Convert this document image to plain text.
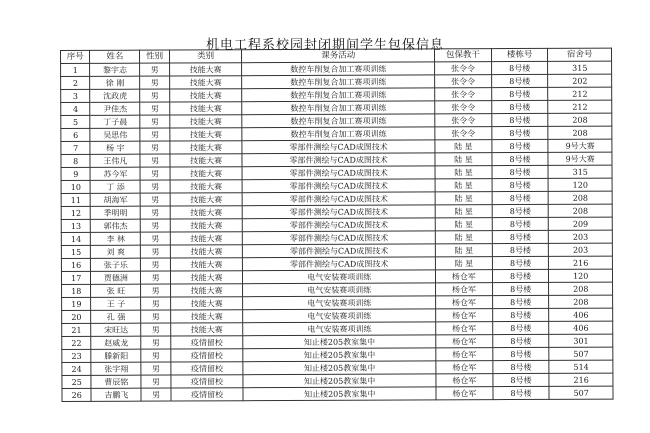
机电工程系校园封闭期间学生包保信息
序号	姓名	性别	类别	课务活动	包保教干	楼栋号	宿舍号
1	黎宇志	男	技能大赛	数控车削复合加工赛项训练	张令令	8号楼	315
2	徐 刚	男	技能大赛	数控车削复合加工赛项训练	张令令	8号楼	202
3	沈政虎	男	技能大赛	数控车削复合加工赛项训练	张令令	8号楼	212
4	尹佳杰	男	技能大赛	数控车削复合加工赛项训练	张令令	8号楼	212
5	丁子晨	男	技能大赛	数控车削复合加工赛项训练	张令令	8号楼	208
6	吴思伟	男	技能大赛	数控车削复合加工赛项训练	张令令	8号楼	208
7	杨 宇	男	技能大赛	零部件测绘与CAD成图技术	陆 星	8号楼	9号大赛
8	王伟凡	男	技能大赛	零部件测绘与CAD成图技术	陆 星	8号楼	9号大赛
9	苏今军	男	技能大赛	零部件测绘与CAD成图技术	陆 星	8号楼	315
10	丁 添	男	技能大赛	零部件测绘与CAD成图技术	陆 星	8号楼	120
11	胡海军	男	技能大赛	零部件测绘与CAD成图技术	陆 星	8号楼	208
12	季明明	男	技能大赛	零部件测绘与CAD成图技术	陆 星	8号楼	208
13	郭伟杰	男	技能大赛	零部件测绘与CAD成图技术	陆 星	8号楼	209
14	李 林	男	技能大赛	零部件测绘与CAD成图技术	陆 星	8号楼	203
15	刘 爽	男	技能大赛	零部件测绘与CAD成图技术	陆 星	8号楼	203
16	张子乐	男	技能大赛	零部件测绘与CAD成图技术	陆 星	8号楼	216
17	贾德洲	男	技能大赛	电气安装赛项训练	杨仓军	8号楼	120
18	张 旺	男	技能大赛	电气安装赛项训练	杨仓军	8号楼	208
19	王 子	男	技能大赛	电气安装赛项训练	杨仓军	8号楼	208
20	孔 强	男	技能大赛	电气安装赛项训练	杨仓军	8号楼	406
21	宋旺达	男	技能大赛	电气安装赛项训练	杨仓军	8号楼	406
22	赵威龙	男	疫情留校	知止楼205教室集中	杨仓军	8号楼	301
23	滕新阳	男	疫情留校	知止楼205教室集中	杨仓军	8号楼	507
24	张宇翔	男	疫情留校	知止楼205教室集中	杨仓军	8号楼	514
25	曹辰铭	男	疫情留校	知止楼205教室集中	杨仓军	8号楼	216
26	吉鹏飞	男	疫情留校	知止楼205教室集中	杨仓军	8号楼	507
